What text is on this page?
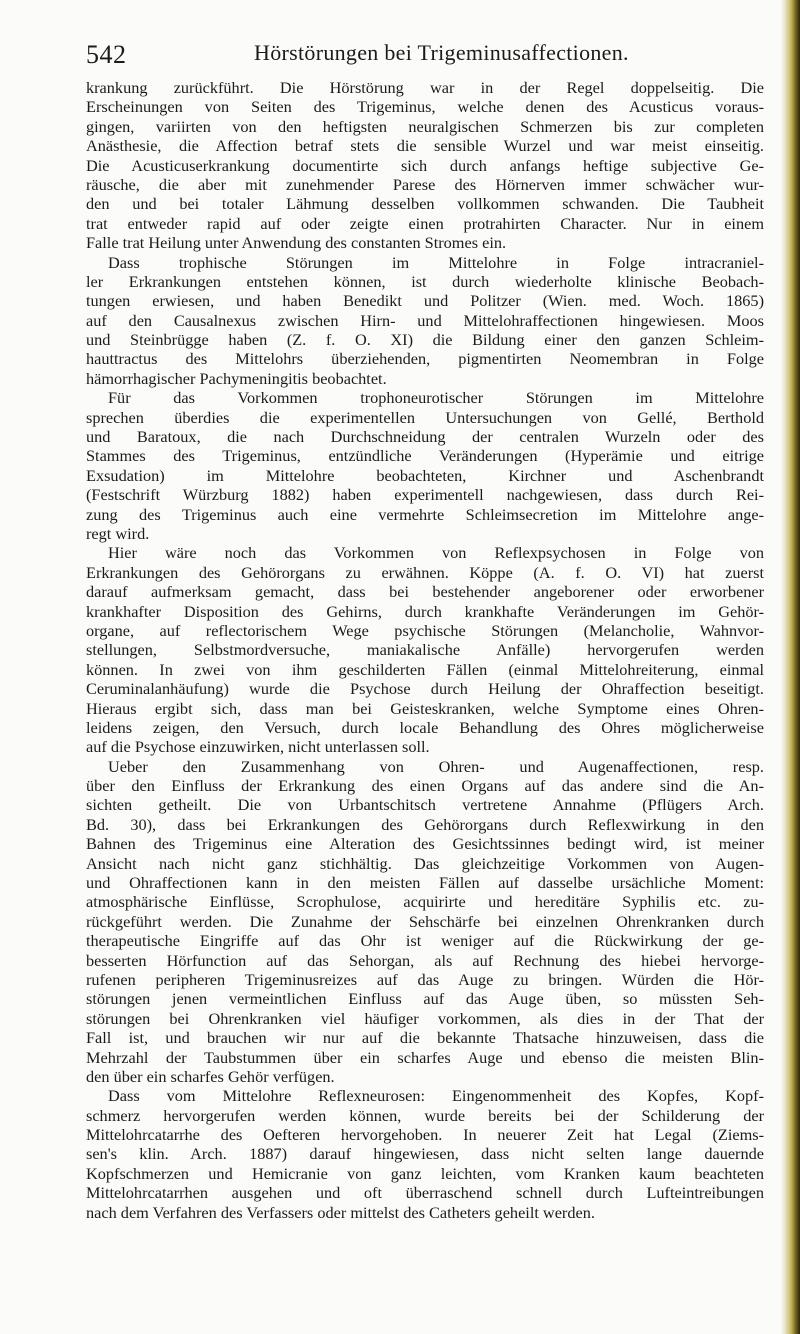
542	Hörstörungen bei Trigeminusaffectionen.
krankung zurückführt. Die Hörstörung war in der Regel doppelseitig. Die
Erscheinungen von Seiten des Trigeminus, welche denen des Acusticus voraus-
gingen, variirten von den heftigsten neuralgischen Schmerzen bis zur completen
Anästhesie, die Affection betraf stets die sensible Wurzel und war meist einseitig.
Die Acusticuserkrankung documentirte sich durch anfangs heftige subjective Ge-
räusche, die aber mit zunehmender Parese des Hörnerven immer schwächer wur-
den und bei totaler Lähmung desselben vollkommen schwanden. Die Taubheit
trat entweder rapid auf oder zeigte einen protrahirten Character. Nur in einem
Falle trat Heilung unter Anwendung des constanten Stromes ein.
Dass trophische Störungen im Mittelohre in Folge intracraniel-
ler Erkrankungen entstehen können, ist durch wiederholte klinische Beobach-
tungen erwiesen, und haben Benedikt und Politzer (Wien. med. Woch. 1865)
auf den Causalnexus zwischen Hirn- und Mittelohraffectionen hingewiesen. Moos
und Steinbrügge haben (Z. f. O. XI) die Bildung einer den ganzen Schleim-
hauttractus des Mittelohrs überziehenden, pigmentirten Neomembran in Folge
hämorrhagischer Pachymeningitis beobachtet.
Für das Vorkommen trophoneurotischer Störungen im Mittelohre
sprechen überdies die experimentellen Untersuchungen von Gellé, Berthold
und Baratoux, die nach Durchschneidung der centralen Wurzeln oder des
Stammes des Trigeminus, entzündliche Veränderungen (Hyperämie und eitrige
Exsudation) im Mittelohre beobachteten, Kirchner und Aschenbrandt
(Festschrift Würzburg 1882) haben experimentell nachgewiesen, dass durch Rei-
zung des Trigeminus auch eine vermehrte Schleimsecretion im Mittelohre ange-
regt wird.
Hier wäre noch das Vorkommen von Reflexpsychosen in Folge von
Erkrankungen des Gehörorgans zu erwähnen. Köppe (A. f. O. VI) hat zuerst
darauf aufmerksam gemacht, dass bei bestehender angeborener oder erworbener
krankhafter Disposition des Gehirns, durch krankhafte Veränderungen im Gehör-
organe, auf reflectorischem Wege psychische Störungen (Melancholie, Wahnvor-
stellungen, Selbstmordversuche, maniakalische Anfälle) hervorgerufen werden
können. In zwei von ihm geschilderten Fällen (einmal Mittelohreiterung, einmal
Ceruminalanhäufung) wurde die Psychose durch Heilung der Ohraffection beseitigt.
Hieraus ergibt sich, dass man bei Geisteskranken, welche Symptome eines Ohren-
leidens zeigen, den Versuch, durch locale Behandlung des Ohres möglicherweise
auf die Psychose einzuwirken, nicht unterlassen soll.
Ueber den Zusammenhang von Ohren- und Augenaffectionen, resp.
über den Einfluss der Erkrankung des einen Organs auf das andere sind die An-
sichten getheilt. Die von Urbantschitsch vertretene Annahme (Pflügers Arch.
Bd. 30), dass bei Erkrankungen des Gehörorgans durch Reflexwirkung in den
Bahnen des Trigeminus eine Alteration des Gesichtssinnes bedingt wird, ist meiner
Ansicht nach nicht ganz stichhältig. Das gleichzeitige Vorkommen von Augen-
und Ohraffectionen kann in den meisten Fällen auf dasselbe ursächliche Moment:
atmosphärische Einflüsse, Scrophulose, acquirirte und hereditäre Syphilis etc. zu-
rückgeführt werden. Die Zunahme der Sehschärfe bei einzelnen Ohrenkranken durch
therapeutische Eingriffe auf das Ohr ist weniger auf die Rückwirkung der ge-
besserten Hörfunction auf das Sehorgan, als auf Rechnung des hiebei hervorge-
rufenen peripheren Trigeminusreizes auf das Auge zu bringen. Würden die Hör-
störungen jenen vermeintlichen Einfluss auf das Auge üben, so müssten Seh-
störungen bei Ohrenkranken viel häufiger vorkommen, als dies in der That der
Fall ist, und brauchen wir nur auf die bekannte Thatsache hinzuweisen, dass die
Mehrzahl der Taubstummen über ein scharfes Auge und ebenso die meisten Blin-
den über ein scharfes Gehör verfügen.
Dass vom Mittelohre Reflexneurosen: Eingenommenheit des Kopfes, Kopf-
schmerz hervorgerufen werden können, wurde bereits bei der Schilderung der
Mittelohrcatarrhe des Oefteren hervorgehoben. In neuerer Zeit hat Legal (Ziems-
sen's klin. Arch. 1887) darauf hingewiesen, dass nicht selten lange dauernde
Kopfschmerzen und Hemicranie von ganz leichten, vom Kranken kaum beachteten
Mittelohrcatarrhen ausgehen und oft überraschend schnell durch Lufteintreibungen
nach dem Verfahren des Verfassers oder mittelst des Catheters geheilt werden.
